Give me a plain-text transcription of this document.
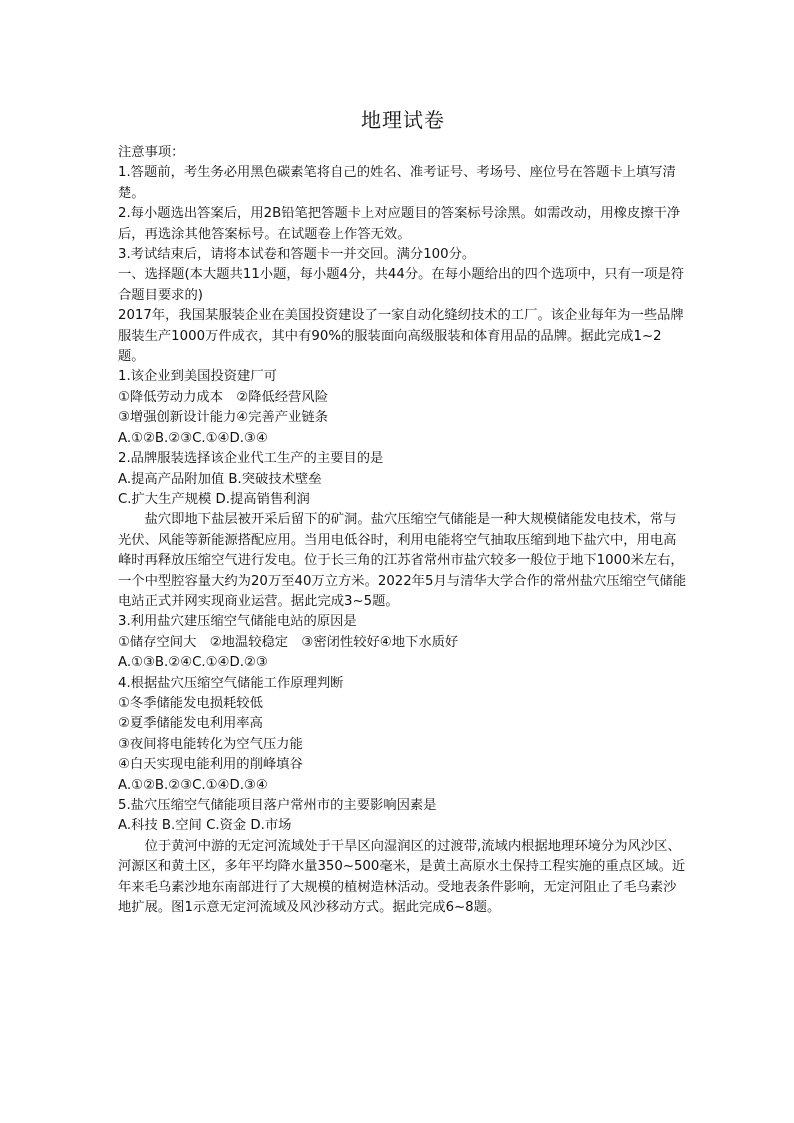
地理试卷

注意事项：

1.答题前，考生务必用黑色碳素笔将自己的姓名、准考证号、考场号、座位号在答题卡上填写清楚。

2.每小题选出答案后，用2B铅笔把答题卡上对应题目的答案标号涂黑。如需改动，用橡皮擦干净后，再选涂其他答案标号。在试题卷上作答无效。

3.考试结束后，请将本试卷和答题卡一并交回。满分100分。

一、选择题(本大题共11小题，每小题4分，共44分。在每小题给出的四个选项中，只有一项是符合题目要求的)

2017年，我国某服装企业在美国投资建设了一家自动化缝纫技术的工厂。该企业每年为一些品牌服装生产1000万件成衣，其中有90%的服装面向高级服装和体育用品的品牌。据此完成1~2题。

1.该企业到美国投资建厂可

①降低劳动力成本　②降低经营风险

③增强创新设计能力④完善产业链条

A.①②B.②③C.①④D.③④

2.品牌服装选择该企业代工生产的主要目的是

A.提高产品附加值 B.突破技术壁垒

C.扩大生产规模 D.提高销售利润

盐穴即地下盐层被开采后留下的矿洞。盐穴压缩空气储能是一种大规模储能发电技术，常与光伏、风能等新能源搭配应用。当用电低谷时，利用电能将空气抽取压缩到地下盐穴中，用电高峰时再释放压缩空气进行发电。位于长三角的江苏省常州市盐穴较多一般位于地下1000米左右，一个中型腔容量大约为20万至40万立方米。2022年5月与清华大学合作的常州盐穴压缩空气储能电站正式并网实现商业运营。据此完成3~5题。

3.利用盐穴建压缩空气储能电站的原因是

①储存空间大　②地温较稳定　③密闭性较好④地下水质好

A.①③B.②④C.①④D.②③

4.根据盐穴压缩空气储能工作原理判断

①冬季储能发电损耗较低

②夏季储能发电利用率高

③夜间将电能转化为空气压力能

④白天实现电能利用的削峰填谷

A.①②B.②③C.①④D.③④

5.盐穴压缩空气储能项目落户常州市的主要影响因素是

A.科技 B.空间 C.资金 D.市场

位于黄河中游的无定河流域处于干旱区向湿润区的过渡带,流域内根据地理环境分为风沙区、河源区和黄土区，多年平均降水量350~500毫米，是黄土高原水土保持工程实施的重点区域。近年来毛乌素沙地东南部进行了大规模的植树造林活动。受地表条件影响，无定河阻止了毛乌素沙地扩展。图1示意无定河流域及风沙移动方式。据此完成6~8题。
